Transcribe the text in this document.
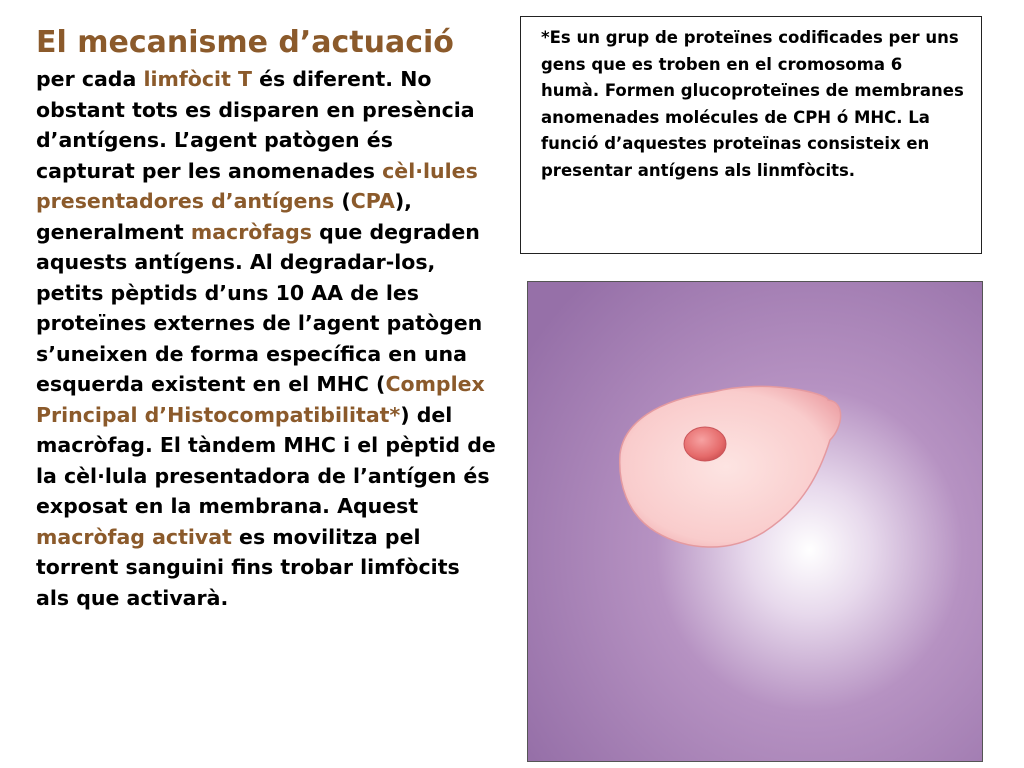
El mecanisme d’actuació
per cada limfòcit T és diferent. No obstant tots es disparen en presència d’antígens. L’agent patògen és capturat per les anomenades cèl·lules presentadores d’antígens (CPA), generalment macròfags que degraden aquests antígens. Al degradar-los, petits pèptids d’uns 10 AA de les proteïnes externes de l’agent patògen s’uneixen de forma específica en una esquerda existent en el MHC (Complex Principal d’Histocompatibilitat*) del macròfag. El tàndem MHC i el pèptid de la cèl·lula presentadora de l’antígen és exposat en la membrana. Aquest macròfag activat es movilitza pel torrent sanguini fins trobar limfòcits als que activarà.
*Es un grup de proteïnes codificades per uns gens que es troben en el cromosoma 6 humà. Formen glucoproteïnes de membranes anomenades molécules de CPH ó MHC. La funció d’aquestes proteïnas consisteix en presentar antígens als linmfòcits.
